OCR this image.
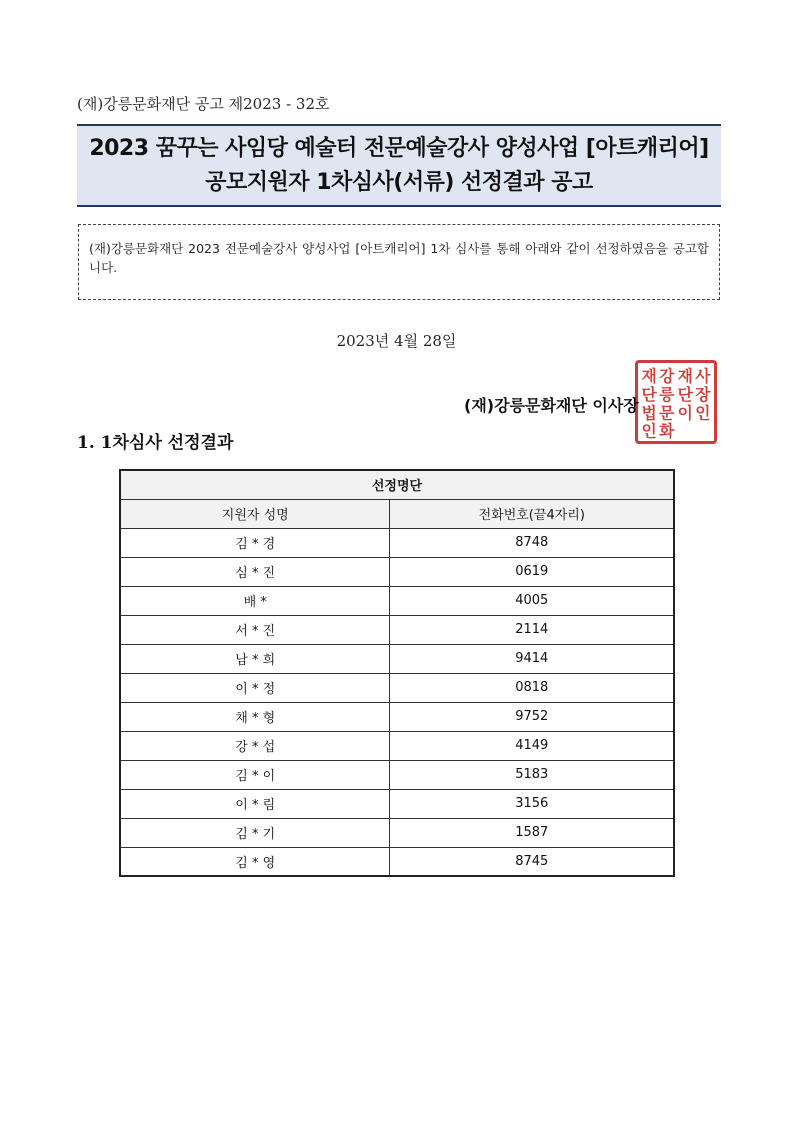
(재)강릉문화재단 공고 제2023 - 32호
2023 꿈꾸는 사임당 예술터 전문예술강사 양성사업 [아트캐리어]
공모지원자 1차심사(서류) 선정결과 공고
(재)강릉문화재단 2023 전문예술강사 양성사업 [아트캐리어] 1차 심사를 통해 아래와 같이 선정하였음을 공고합니다.
2023년 4월 28일
재
단
법
인
강
릉
문
화
재
단
이
사
장
인
(재)강릉문화재단 이사장
1. 1차심사 선정결과
선정명단	
지원자 성명	전화번호(끝4자리)
김 * 경	8748
심 * 진	0619
배 *	4005
서 * 진	2114
남 * 희	9414
이 * 정	0818
채 * 형	9752
강 * 섭	4149
김 * 이	5183
이 * 림	3156
김 * 기	1587
김 * 영	8745
